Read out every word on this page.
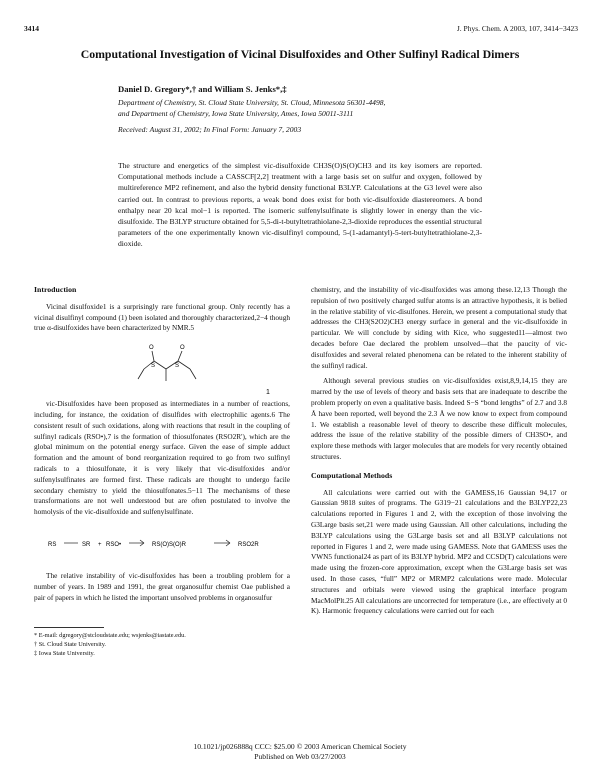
3414	J. Phys. Chem. A 2003, 107, 3414−3423
Computational Investigation of Vicinal Disulfoxides and Other Sulfinyl Radical Dimers
Daniel D. Gregory*,† and William S. Jenks*,‡
Department of Chemistry, St. Cloud State University, St. Cloud, Minnesota 56301-4498,
and Department of Chemistry, Iowa State University, Ames, Iowa 50011-3111
Received: August 31, 2002; In Final Form: January 7, 2003
The structure and energetics of the simplest vic-disulfoxide CH3S(O)S(O)CH3 and its key isomers are reported. Computational methods include a CASSCF[2,2] treatment with a large basis set on sulfur and oxygen, followed by multireference MP2 refinement, and also the hybrid density functional B3LYP. Calculations at the G3 level were also carried out. In contrast to previous reports, a weak bond does exist for both vic-disulfoxide diastereomers. A bond enthalpy near 20 kcal mol−1 is reported. The isomeric sulfenylsulfinate is slightly lower in energy than the vic-disulfoxide. The B3LYP structure obtained for 5,5-di-t-butyltetrathiolane-2,3-dioxide reproduces the essential structural parameters of the one experimentally known vic-disulfinyl compound, 5-(1-adamantyl)-5-tert-butyltetrathiolane-2,3-dioxide.
Introduction

Vicinal disulfoxide1 is a surprisingly rare functional group. Only recently has a vicinal disulfinyl compound (1) been isolated and thoroughly characterized,2−4 though true α-disulfoxides have been characterized by NMR.5

O	O
S	S
1

vic-Disulfoxides have been proposed as intermediates in a number of reactions, including, for instance, the oxidation of disulfides with electrophilic agents.6 The consistent result of such oxidations, along with reactions that result in the coupling of sulfinyl radicals (RSO•),7 is the formation of thiosulfonates (RSO2R'), which are the global minimum on the potential energy surface. Given the ease of simple adduct formation and the amount of bond reorganization required to go from two sulfinyl radicals to a thiosulfonate, it is very likely that vic-disulfoxides and/or sulfenylsulfinates are formed first. These radicals are thought to undergo facile secondary chemistry to yield the thiosulfonates.5−11 The mechanisms of these transformations are not well understood but are often postulated to involve the homolysis of the vic-disulfoxide and sulfenylsulfinate.

RS	SR + RSO•	RS(O)S(O)R	RSO2R

The relative instability of vic-disulfoxides has been a troubling problem for a number of years. In 1989 and 1991, the great organosulfur chemist Oae published a pair of papers in which he listed the important unsolved problems in organosulfur

chemistry, and the instability of vic-disulfoxides was among these.12,13 Though the repulsion of two positively charged sulfur atoms is an attractive hypothesis, it is belied in the relative stability of vic-disulfones. Herein, we present a computational study that addresses the CH3(S2O2)CH3 energy surface in general and the vic-disulfoxide in particular. We will conclude by siding with Kice, who suggested11—almost two decades before Oae declared the problem unsolved—that the paucity of vic-disulfoxides and several related phenomena can be related to the inherent stability of the sulfinyl radical.

Although several previous studies on vic-disulfoxides exist,8,9,14,15 they are marred by the use of levels of theory and basis sets that are inadequate to describe the problem properly on even a qualitative basis. Indeed S−S “bond lengths” of 2.7 and 3.8 Å have been reported, well beyond the 2.3 Å we now know to expect from compound 1. We establish a reasonable level of theory to describe these difficult molecules, address the issue of the relative stability of the possible dimers of CH3SO•, and explore these methods with larger molecules that are models for very recently obtained structures.

Computational Methods

All calculations were carried out with the GAMESS,16 Gaussian 94,17 or Gaussian 9818 suites of programs. The G319−21 calculations and the B3LYP22,23 calculations reported in Figures 1 and 2, with the exception of those involving the G3Large basis set,21 were made using Gaussian. All other calculations, including the B3LYP calculations using the G3Large basis set and all B3LYP calculations not reported in Figures 1 and 2, were made using GAMESS. Note that GAMESS uses the VWN5 functional24 as part of its B3LYP hybrid. MP2 and CCSD(T) calculations were made using the frozen-core approximation, except when the G3Large basis set was used. In those cases, “full” MP2 or MRMP2 calculations were made. Molecular structures and orbitals were viewed using the graphical interface program MacMolPlt.25 All calculations are uncorrected for temperature (i.e., are effectively at 0 K). Harmonic frequency calculations were carried out for each

* E-mail: dgregory@stcloudstate.edu; wsjenks@iastate.edu.
† St. Cloud State University.
‡ Iowa State University.
10.1021/jp026888q CCC: $25.00 © 2003 American Chemical Society
Published on Web 03/27/2003
